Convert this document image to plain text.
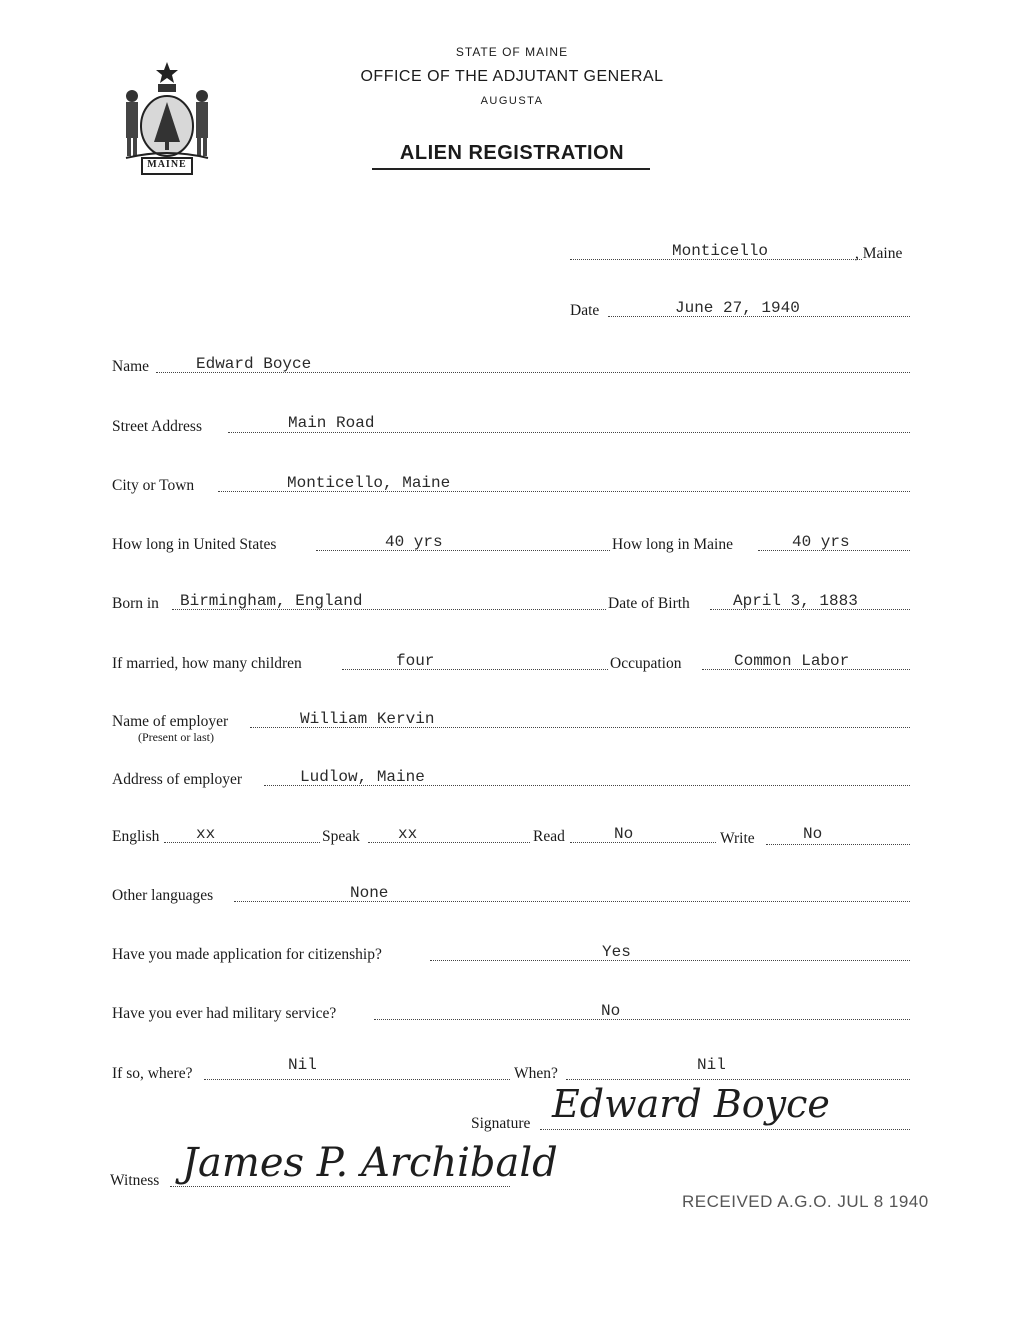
MAINE
STATE OF MAINE
OFFICE OF THE ADJUTANT GENERAL
AUGUSTA
ALIEN REGISTRATION
Monticello	, Maine
Date	June 27, 1940
Name	Edward Boyce
Street Address	Main Road
City or Town	Monticello, Maine
How long in United States	40 yrs	How long in Maine	40 yrs
Born in Birmingham, England	Date of Birth	April 3, 1883
If married, how many children	four	Occupation	Common Labor
Name of employer	William Kervin
(Present or last)
Address of employer	Ludlow, Maine
English xx	Speak xx	Read	No	Write	No
Other languages	None
Have you made application for citizenship?	Yes
Have you ever had military service?	No
If so, where?	Nil	When?	Nil
Signature Edward Boyce
Witness James P. Archibald
RECEIVED A.G.O. JUL 8 1940
